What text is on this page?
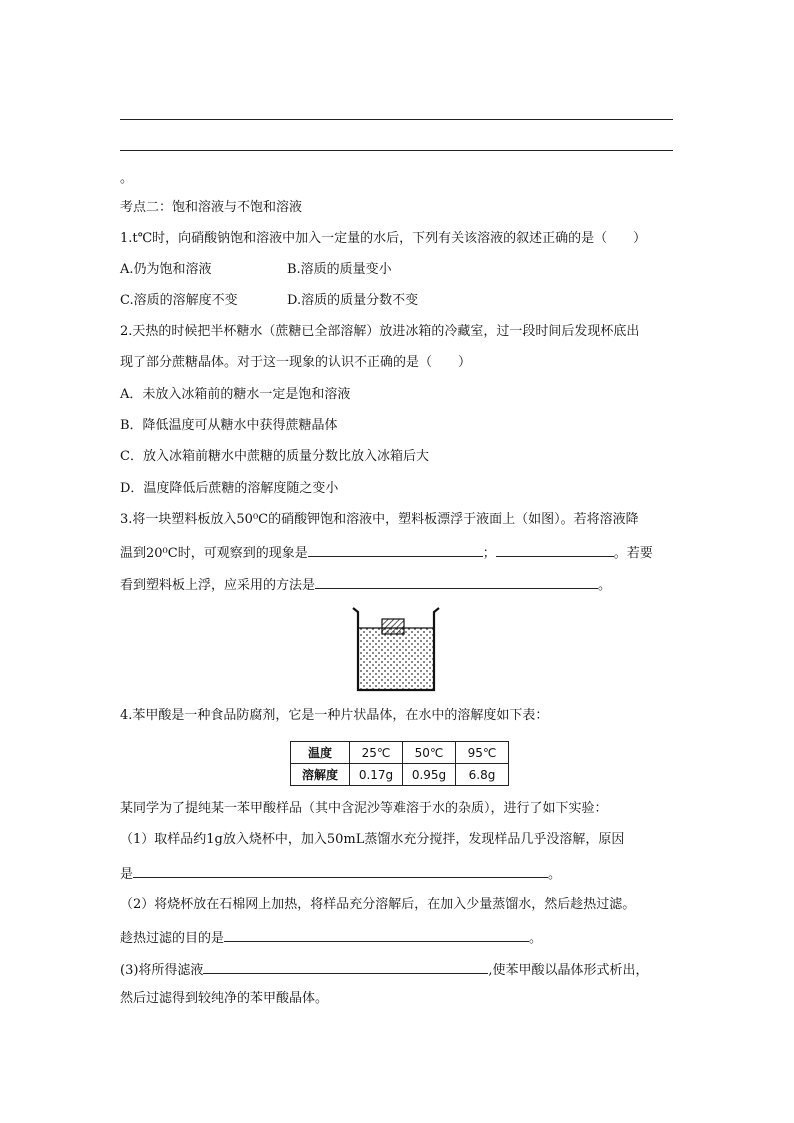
。
考点二：饱和溶液与不饱和溶液
1.t℃时，向硝酸钠饱和溶液中加入一定量的水后，下列有关该溶液的叙述正确的是（　　）
A.仍为饱和溶液	B.溶质的质量变小
C.溶质的溶解度不变	D.溶质的质量分数不变
2.天热的时候把半杯糖水（蔗糖已全部溶解）放进冰箱的冷藏室，过一段时间后发现杯底出
现了部分蔗糖晶体。对于这一现象的认识不正确的是（　　）
A．未放入冰箱前的糖水一定是饱和溶液
B．降低温度可从糖水中获得蔗糖晶体
C．放入冰箱前糖水中蔗糖的质量分数比放入冰箱后大
D．温度降低后蔗糖的溶解度随之变小
3.将一块塑料板放入50⁰C的硝酸钾饱和溶液中，塑料板漂浮于液面上（如图）。若将溶液降
温到20⁰C时，可观察到的现象是	；	。若要
看到塑料板上浮，应采用的方法是	。
4.苯甲酸是一种食品防腐剂，它是一种片状晶体，在水中的溶解度如下表：
温度	25℃	50℃	95℃
溶解度	0.17g	0.95g	6.8g
某同学为了提纯某一苯甲酸样品（其中含泥沙等难溶于水的杂质），进行了如下实验：
（1）取样品约1g放入烧杯中，加入50mL蒸馏水充分搅拌，发现样品几乎没溶解，原因
是	。
（2）将烧杯放在石棉网上加热，将样品充分溶解后，在加入少量蒸馏水，然后趁热过滤。
趁热过滤的目的是	。
(3)将所得滤液	,使苯甲酸以晶体形式析出，
然后过滤得到较纯净的苯甲酸晶体。
